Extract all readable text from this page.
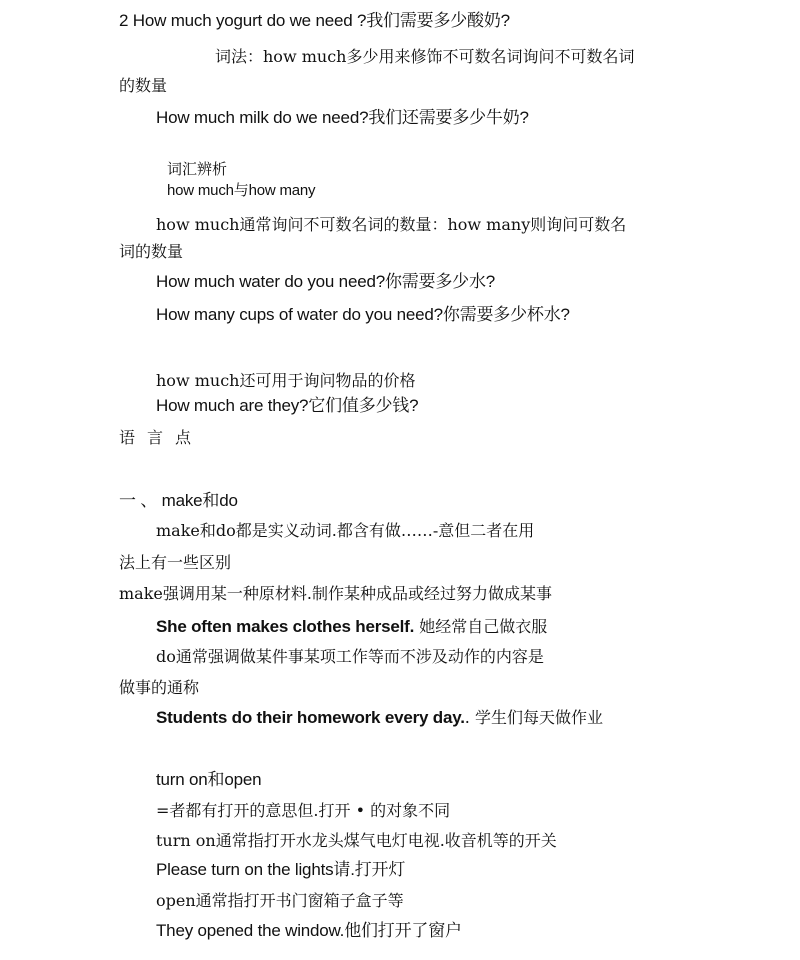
2 How much yogurt do we need ?我们需要多少酸奶?
词法：how much多少用来修饰不可数名词询问不可数名词
的数量
How much milk do we need?我们还需要多少牛奶?
词汇辨析
how much与how many
how much通常询问不可数名词的数量：how many则询问可数名
词的数量
How much water do you need?你需要多少水?
How many cups of water do you need?你需要多少杯水?
how much还可用于询问物品的价格
How much are they?它们值多少钱?
语言点
一 、 make和do
make和do都是实义动词.都含有做……-意但二者在用
法上有一些区别
make强调用某一种原材料.制作某种成品或经过努力做成某事
She often makes clothes herself. 她经常自己做衣服
do通常强调做某件事某项工作等而不涉及动作的内容是
做事的通称
Students do their homework every day.. 学生们每天做作业
turn on和open
=者都有打开的意思但.打开 • 的对象不同
turn on通常指打开水龙头煤气电灯电视.收音机等的开关
Please turn on the lights请.打开灯
open通常指打开书门窗箱子盒子等
They opened the window.他们打开了窗户
